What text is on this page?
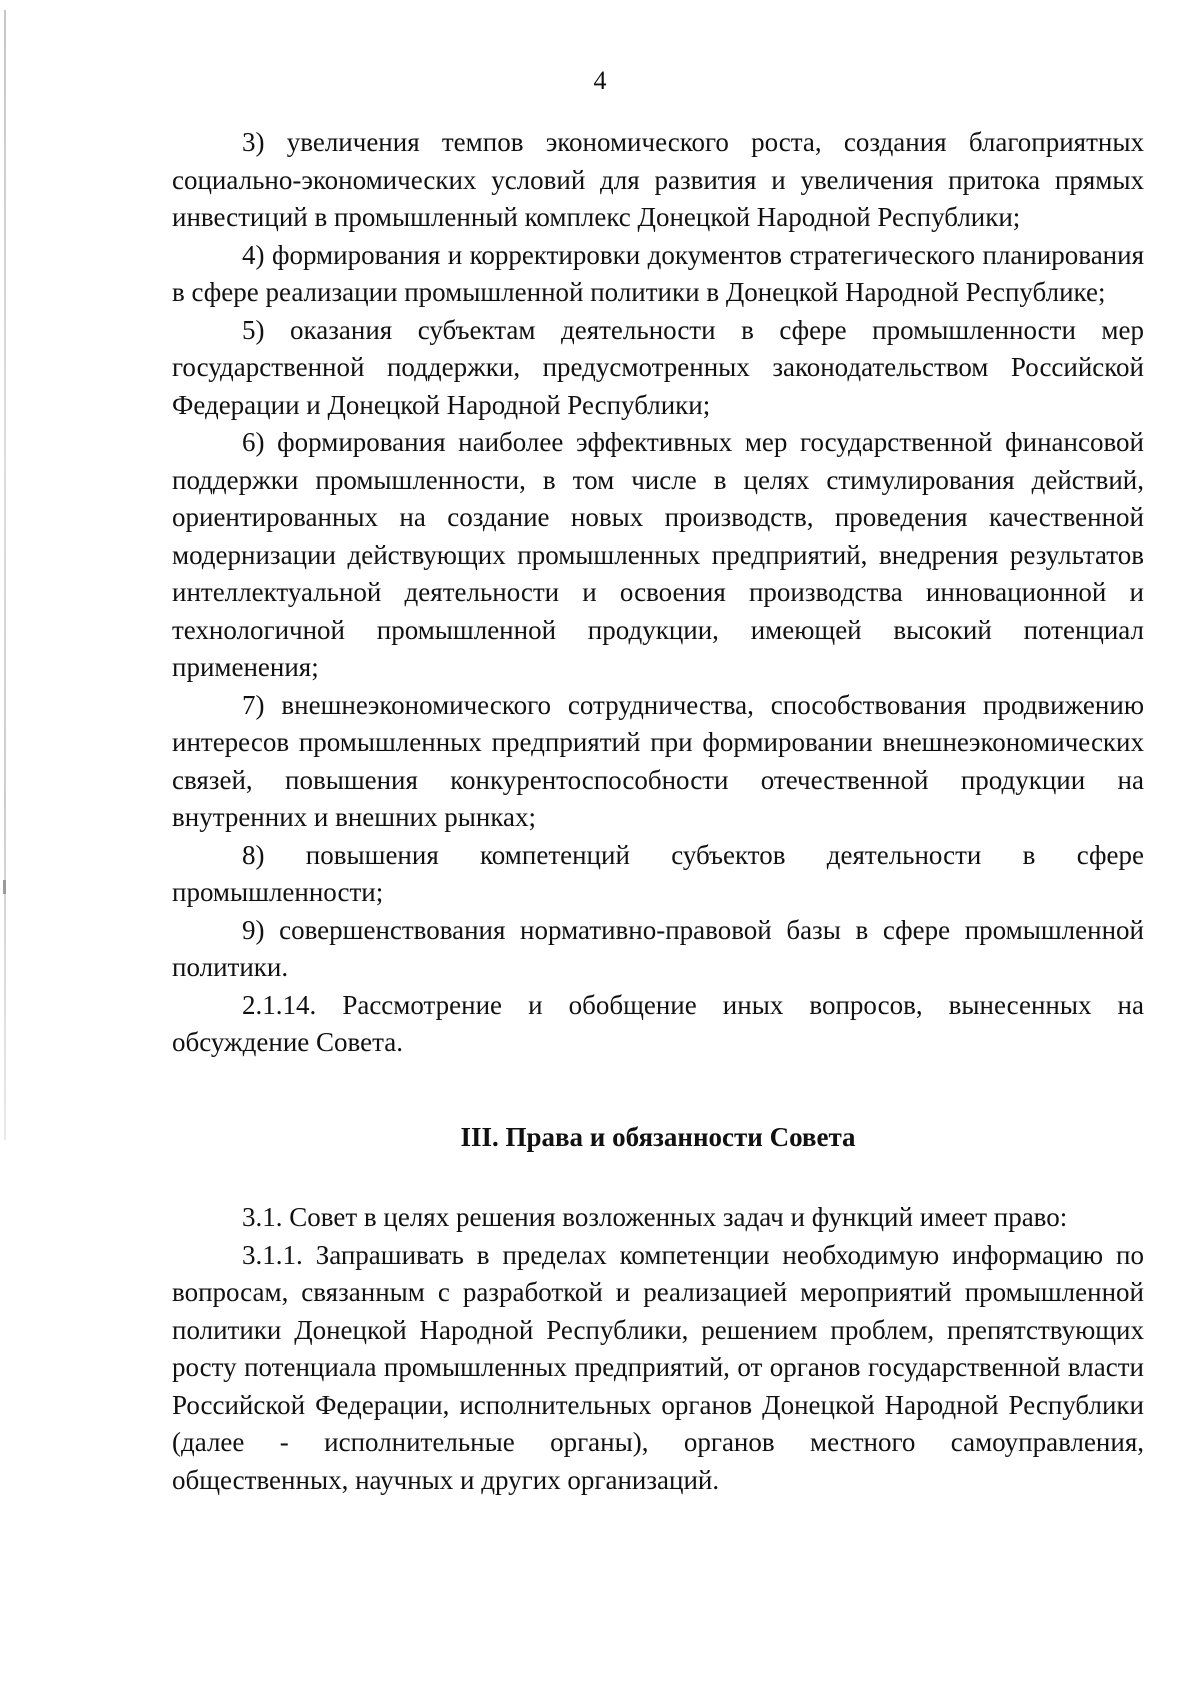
4

3) увеличения темпов экономического роста, создания благоприятных социально-экономических условий для развития и увеличения притока прямых инвестиций в промышленный комплекс Донецкой Народной Республики;

4) формирования и корректировки документов стратегического планирования в сфере реализации промышленной политики в Донецкой Народной Республике;

5) оказания субъектам деятельности в сфере промышленности мер государственной поддержки, предусмотренных законодательством Российской Федерации и Донецкой Народной Республики;

6) формирования наиболее эффективных мер государственной финансовой поддержки промышленности, в том числе в целях стимулирования действий, ориентированных на создание новых производств, проведения качественной модернизации действующих промышленных предприятий, внедрения результатов интеллектуальной деятельности и освоения производства инновационной и технологичной промышленной продукции, имеющей высокий потенциал применения;

7) внешнеэкономического сотрудничества, способствования продвижению интересов промышленных предприятий при формировании внешнеэкономических связей, повышения конкурентоспособности отечественной продукции на внутренних и внешних рынках;

8) повышения компетенций субъектов деятельности в сфере промышленности;

9) совершенствования нормативно-правовой базы в сфере промышленной политики.

2.1.14. Рассмотрение и обобщение иных вопросов, вынесенных на обсуждение Совета.

III. Права и обязанности Совета

3.1. Совет в целях решения возложенных задач и функций имеет право:

3.1.1. Запрашивать в пределах компетенции необходимую информацию по вопросам, связанным с разработкой и реализацией мероприятий промышленной политики Донецкой Народной Республики, решением проблем, препятствующих росту потенциала промышленных предприятий, от органов государственной власти Российской Федерации, исполнительных органов Донецкой Народной Республики (далее - исполнительные органы), органов местного самоуправления, общественных, научных и других организаций.
